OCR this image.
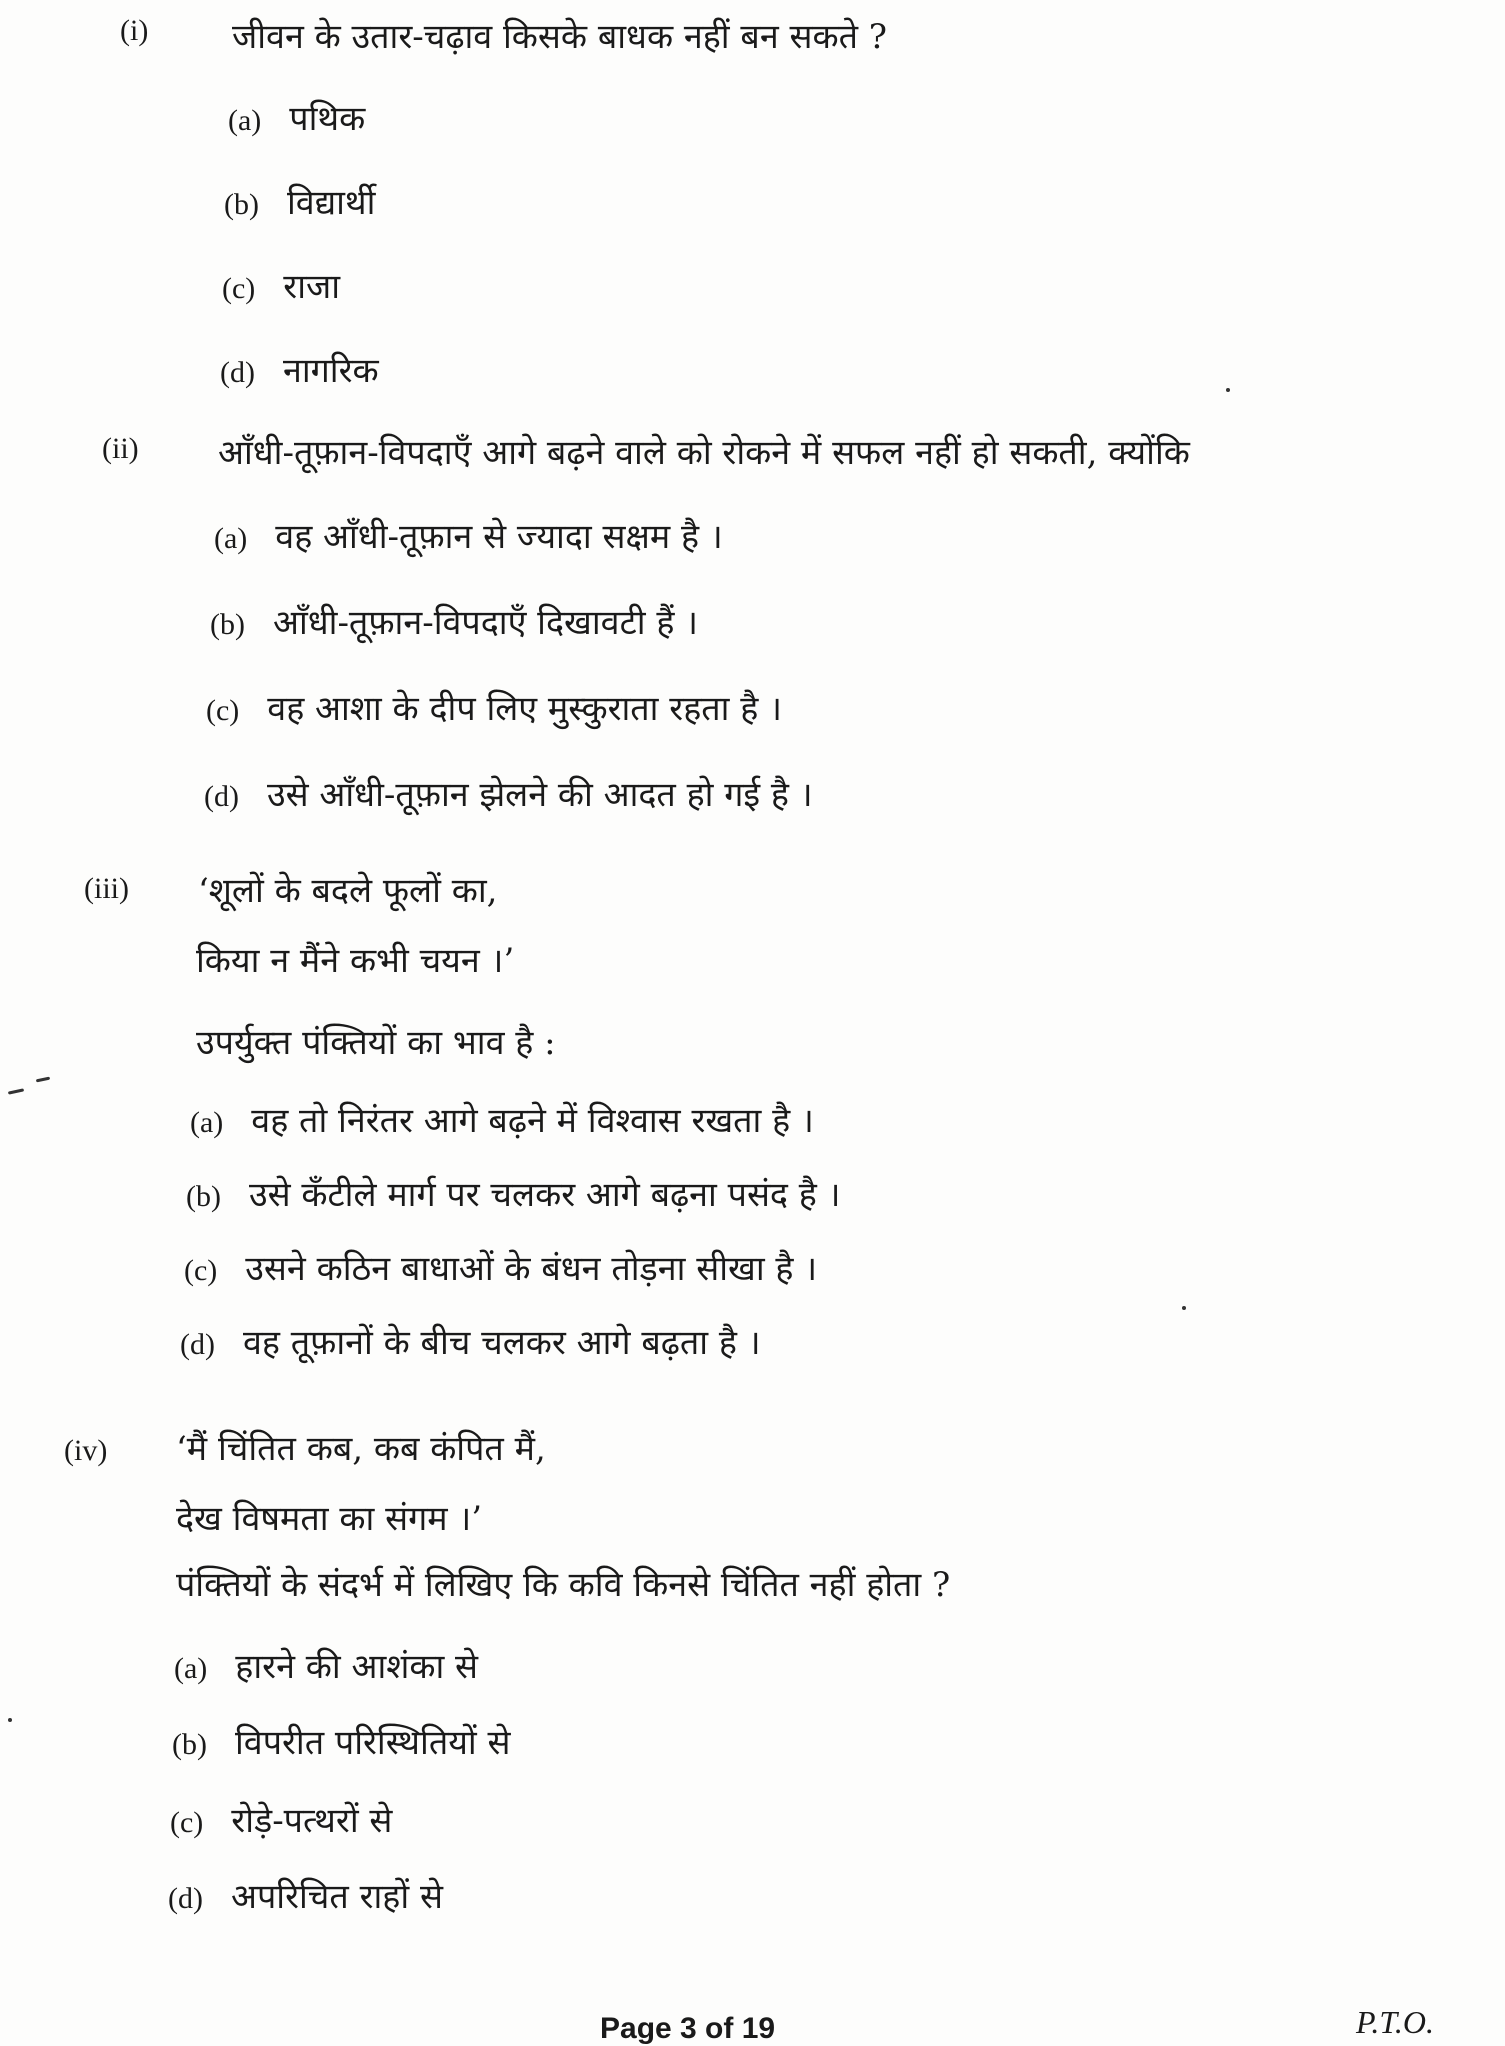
(i) जीवन के उतार-चढ़ाव किसके बाधक नहीं बन सकते ?
(a) पथिक
(b) विद्यार्थी
(c) राजा
(d) नागरिक
(ii) आँधी-तूफ़ान-विपदाएँ आगे बढ़ने वाले को रोकने में सफल नहीं हो सकती, क्योंकि
(a) वह आँधी-तूफ़ान से ज्यादा सक्षम है ।
(b) आँधी-तूफ़ान-विपदाएँ दिखावटी हैं ।
(c) वह आशा के दीप लिए मुस्कुराता रहता है ।
(d) उसे आँधी-तूफ़ान झेलने की आदत हो गई है ।
(iii) ‘शूलों के बदले फूलों का,
किया न मैंने कभी चयन ।’
उपर्युक्त पंक्तियों का भाव है :
(a) वह तो निरंतर आगे बढ़ने में विश्वास रखता है ।
(b) उसे कँटीले मार्ग पर चलकर आगे बढ़ना पसंद है ।
(c) उसने कठिन बाधाओं के बंधन तोड़ना सीखा है ।
(d) वह तूफ़ानों के बीच चलकर आगे बढ़ता है ।
(iv) ‘मैं चिंतित कब, कब कंपित मैं,
देख विषमता का संगम ।’
पंक्तियों के संदर्भ में लिखिए कि कवि किनसे चिंतित नहीं होता ?
(a) हारने की आशंका से
(b) विपरीत परिस्थितियों से
(c) रोड़े-पत्थरों से
(d) अपरिचित राहों से
Page 3 of 19	P.T.O.
